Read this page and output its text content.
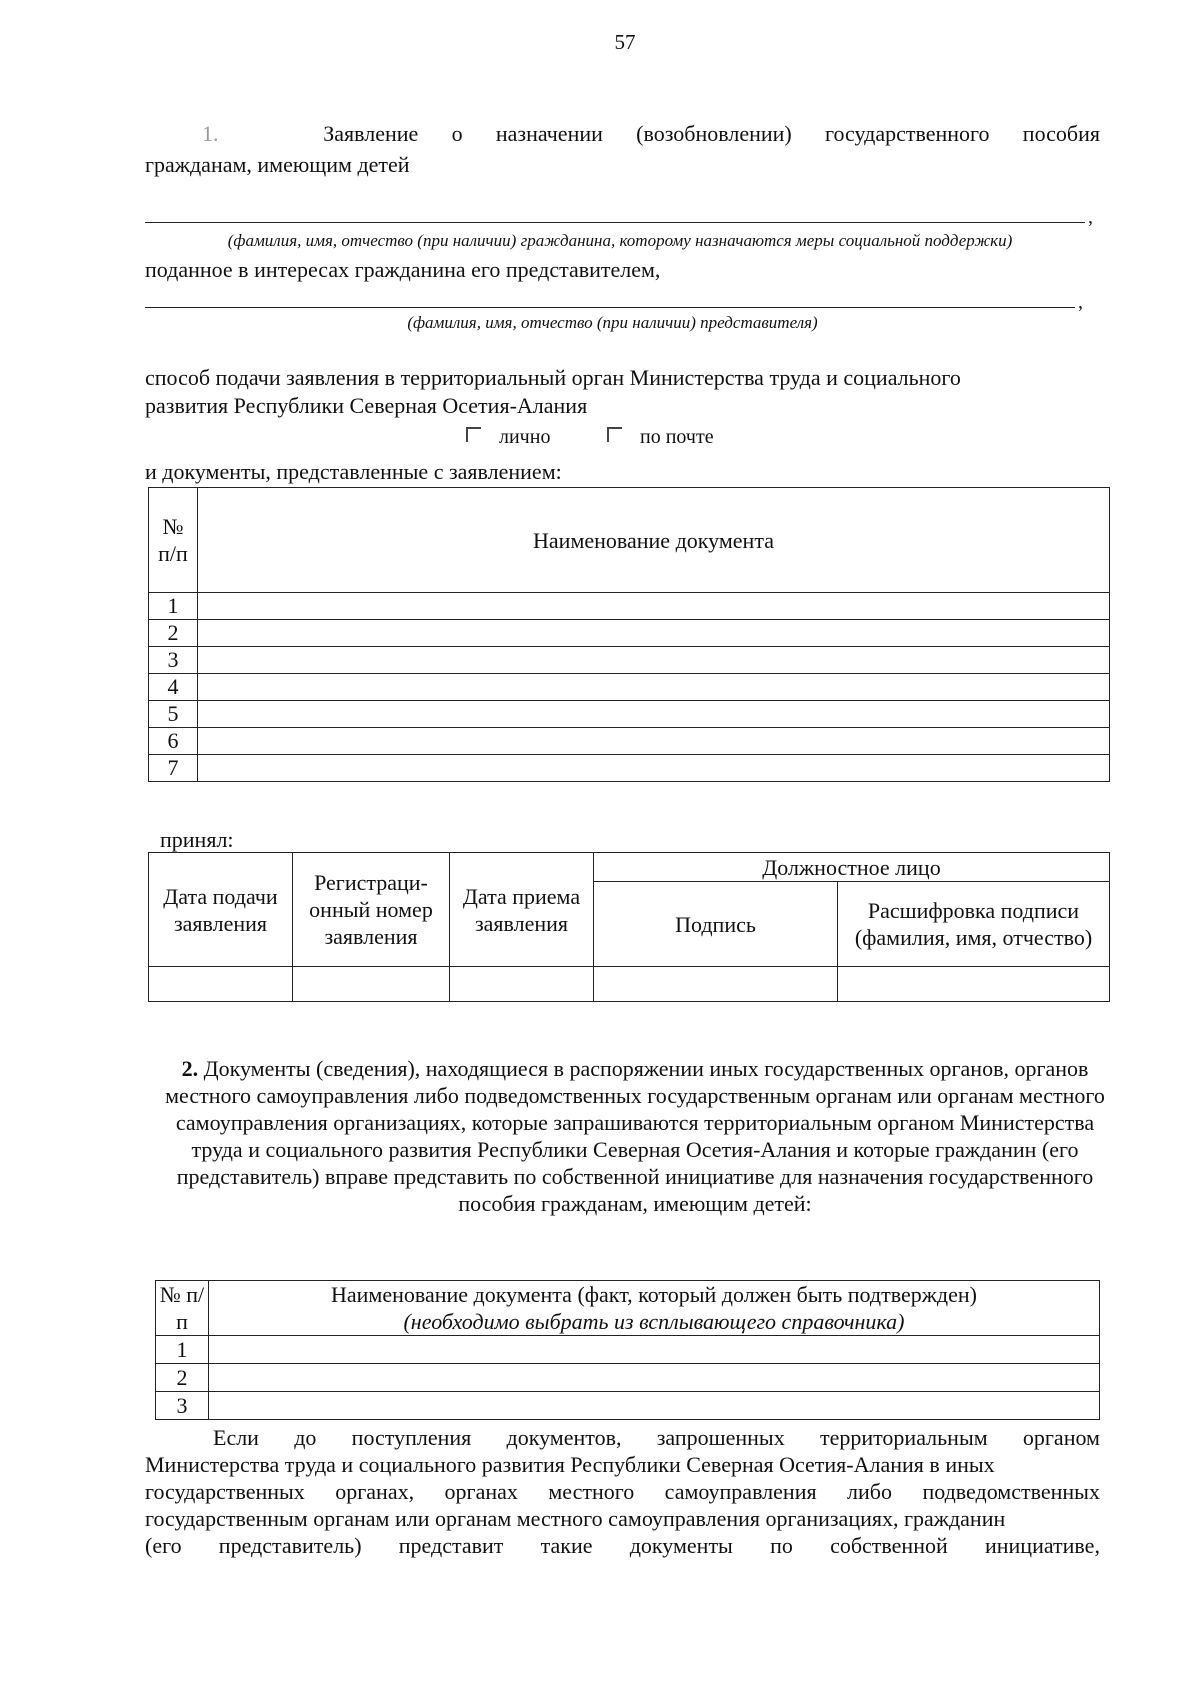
57
1.	Заявление о назначении (возобновлении) государственного пособия
гражданам, имеющим детей
,
(фамилия, имя, отчество (при наличии) гражданина, которому назначаются меры социальной поддержки)
поданное в интересах гражданина его представителем,
,
(фамилия, имя, отчество (при наличии) представителя)
способ подачи заявления в территориальный орган Министерства труда и социального
развития Республики Северная Осетия-Алания
лично	по почте
и документы, представленные с заявлением:
№ п/п	Наименование документа
1	
2	
3	
4	
5	
6	
7	
принял:
Дата подачи заявления	Регистраци- онный номер заявления	Дата приема заявления	Должностное лицо	
			Подпись	Расшифровка подписи (фамилия, имя, отчество)

2. Документы (сведения), находящиеся в распоряжении иных государственных органов, органов местного самоуправления либо подведомственных государственным органам или органам местного самоуправления организациях, которые запрашиваются территориальным органом Министерства труда и социального развития Республики Северная Осетия-Алания и которые гражданин (его представитель) вправе представить по собственной инициативе для назначения государственного пособия гражданам, имеющим детей:
№ п/п	Наименование документа (факт, который должен быть подтвержден)
(необходимо выбрать из всплывающего справочника)

1	
2	
3	
Если до поступления документов, запрошенных территориальным органом
Министерства труда и социального развития Республики Северная Осетия-Алания в иных
государственных органах, органах местного самоуправления либо подведомственных
государственным органам или органам местного самоуправления организациях, гражданин
(его представитель) представит такие документы по собственной инициативе,
